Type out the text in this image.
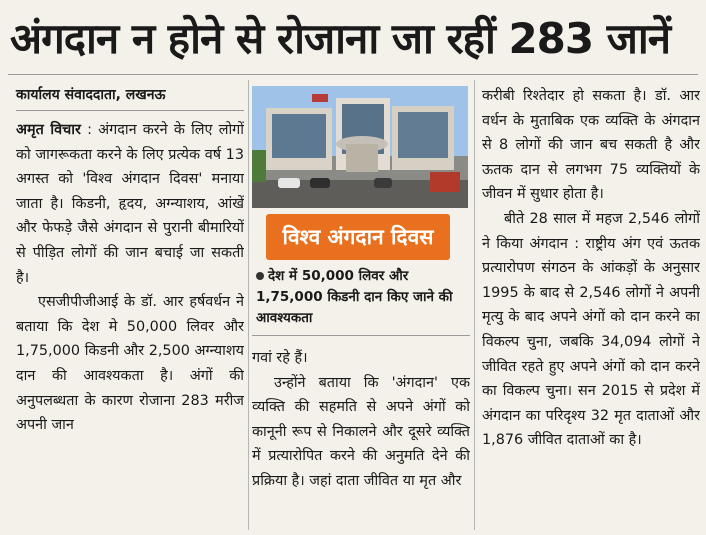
अंगदान न होने से रोजाना जा रहीं 283 जानें
कार्यालय संवाददाता, लखनऊ

अमृत विचार : अंगदान करने के लिए लोगों को जागरूकता करने के लिए प्रत्येक वर्ष 13 अगस्त को 'विश्व अंगदान दिवस' मनाया जाता है। किडनी, हृदय, अग्न्याशय, आंखें और फेफड़े जैसे अंगदान से पुरानी बीमारियों से पीड़ित लोगों की जान बचाई जा सकती है।

एसजीपीजीआई के डॉ. आर हर्षवर्धन ने बताया कि देश मे 50,000 लिवर और 1,75,000 किडनी और 2,500 अग्न्याशय दान की आवश्यकता है। अंगों की अनुपलब्धता के कारण रोजाना 283 मरीज अपनी जान

विश्व अंगदान दिवस
देश में 50,000 लिवर और 1,75,000 किडनी दान किए जाने की आवश्यकता

गवां रहे हैं।

उन्होंने बताया कि 'अंगदान' एक व्यक्ति की सहमति से अपने अंगों को कानूनी रूप से निकालने और दूसरे व्यक्ति में प्रत्यारोपित करने की अनुमति देने की प्रक्रिया है। जहां दाता जीवित या मृत और

करीबी रिश्तेदार हो सकता है। डॉ. आर वर्धन के मुताबिक एक व्यक्ति के अंगदान से 8 लोगों की जान बच सकती है और ऊतक दान से लगभग 75 व्यक्तियों के जीवन में सुधार होता है।

बीते 28 साल में महज 2,546 लोगों ने किया अंगदान : राष्ट्रीय अंग एवं ऊतक प्रत्यारोपण संगठन के आंकड़ों के अनुसार 1995 के बाद से 2,546 लोगों ने अपनी मृत्यु के बाद अपने अंगों को दान करने का विकल्प चुना, जबकि 34,094 लोगों ने जीवित रहते हुए अपने अंगों को दान करने का विकल्प चुना। सन 2015 से प्रदेश में अंगदान का परिदृश्य 32 मृत दाताओं और 1,876 जीवित दाताओं का है।
